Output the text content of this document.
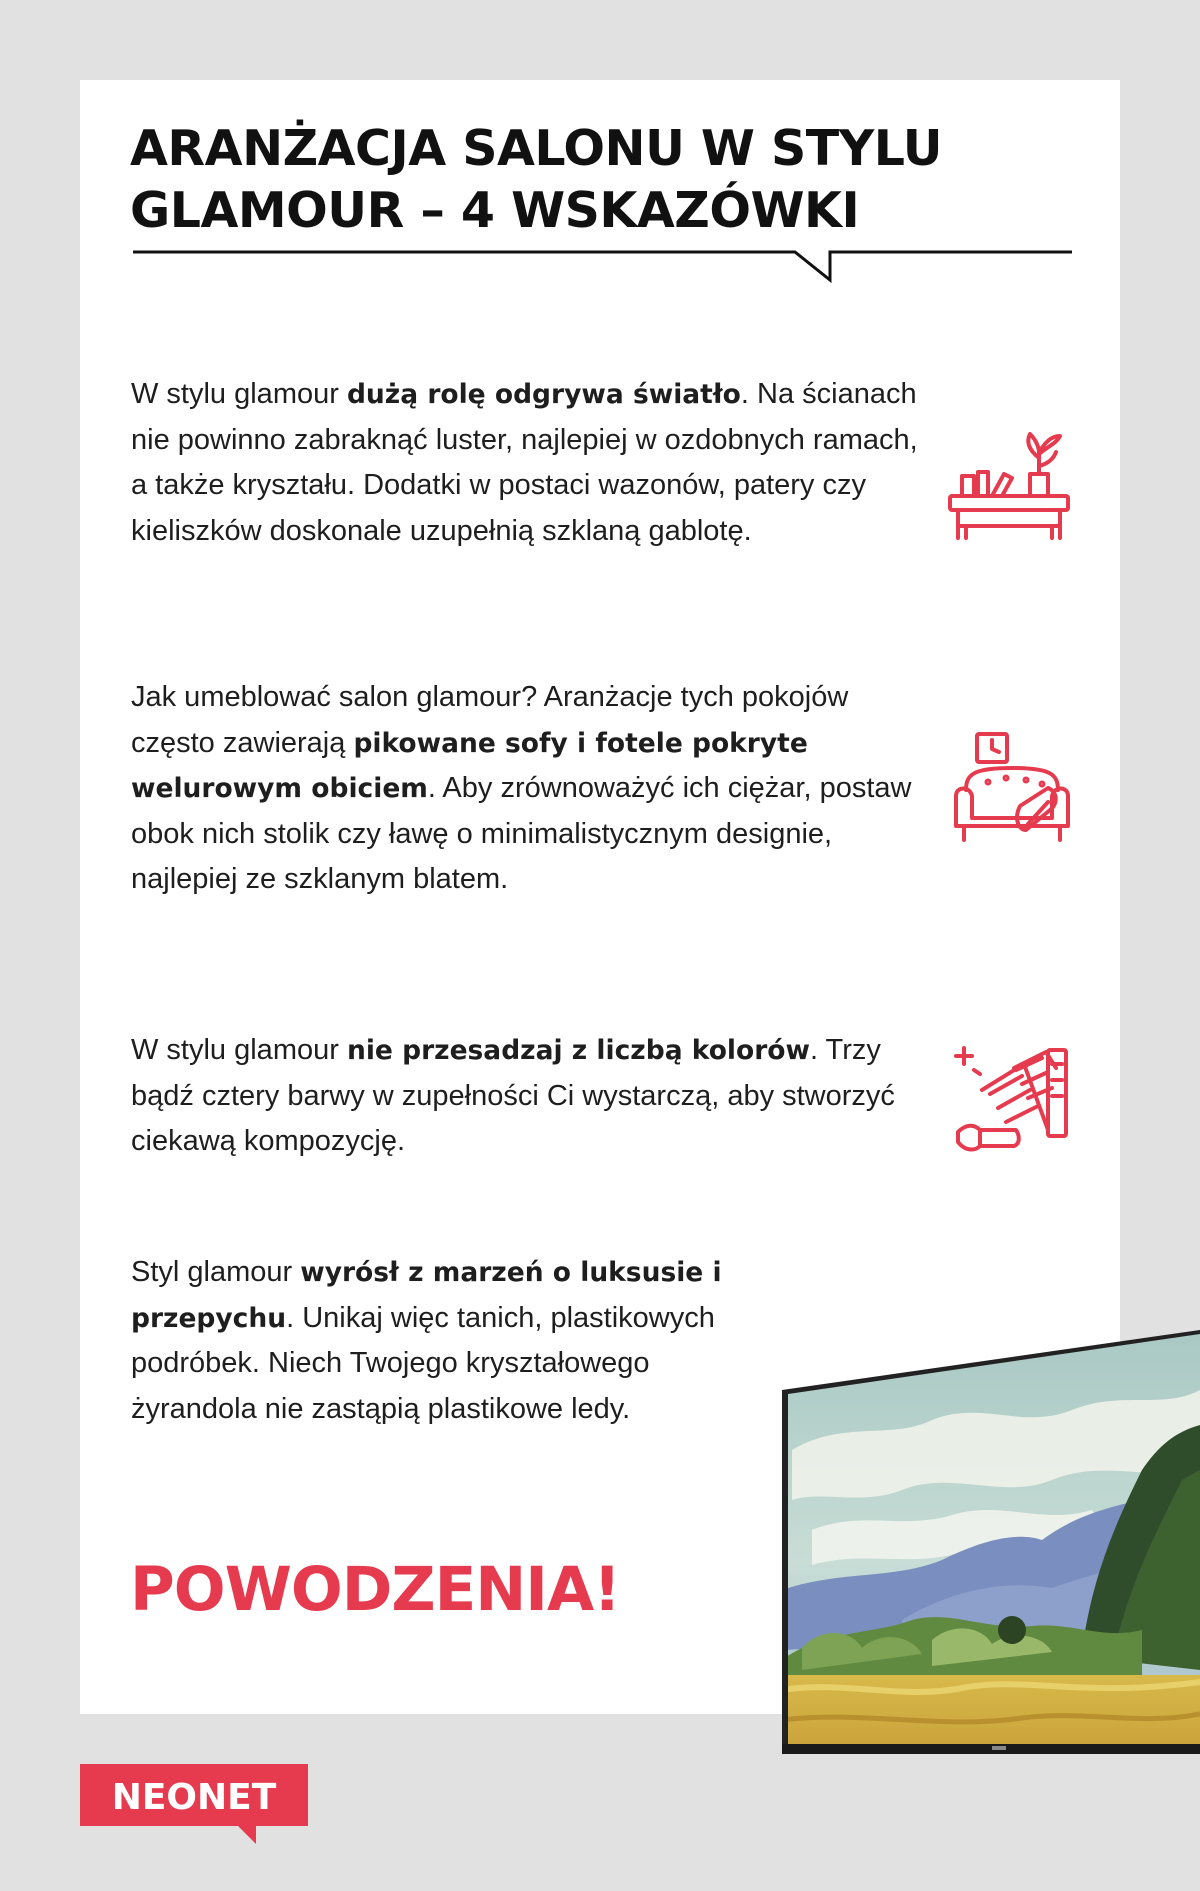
ARANŻACJA SALONU W STYLU
GLAMOUR – 4 WSKAZÓWKI

W stylu glamour dużą rolę odgrywa światło. Na ścianach nie powinno zabraknąć luster, najlepiej w ozdobnych ramach, a także kryształu. Dodatki w postaci wazonów, patery czy kieliszków doskonale uzupełnią szklaną gablotę.

Jak umeblować salon glamour? Aranżacje tych pokojów często zawierają pikowane sofy i fotele pokryte welurowym obiciem. Aby zrównoważyć ich ciężar, postaw obok nich stolik czy ławę o minimalistycznym designie, najlepiej ze szklanym blatem.

W stylu glamour nie przesadzaj z liczbą kolorów. Trzy bądź cztery barwy w zupełności Ci wystarczą, aby stworzyć ciekawą kompozycję.

Styl glamour wyrósł z marzeń o luksusie i przepychu. Unikaj więc tanich, plastikowych podróbek. Niech Twojego kryształowego żyrandola nie zastąpią plastikowe ledy.

POWODZENIA!
NEONET
